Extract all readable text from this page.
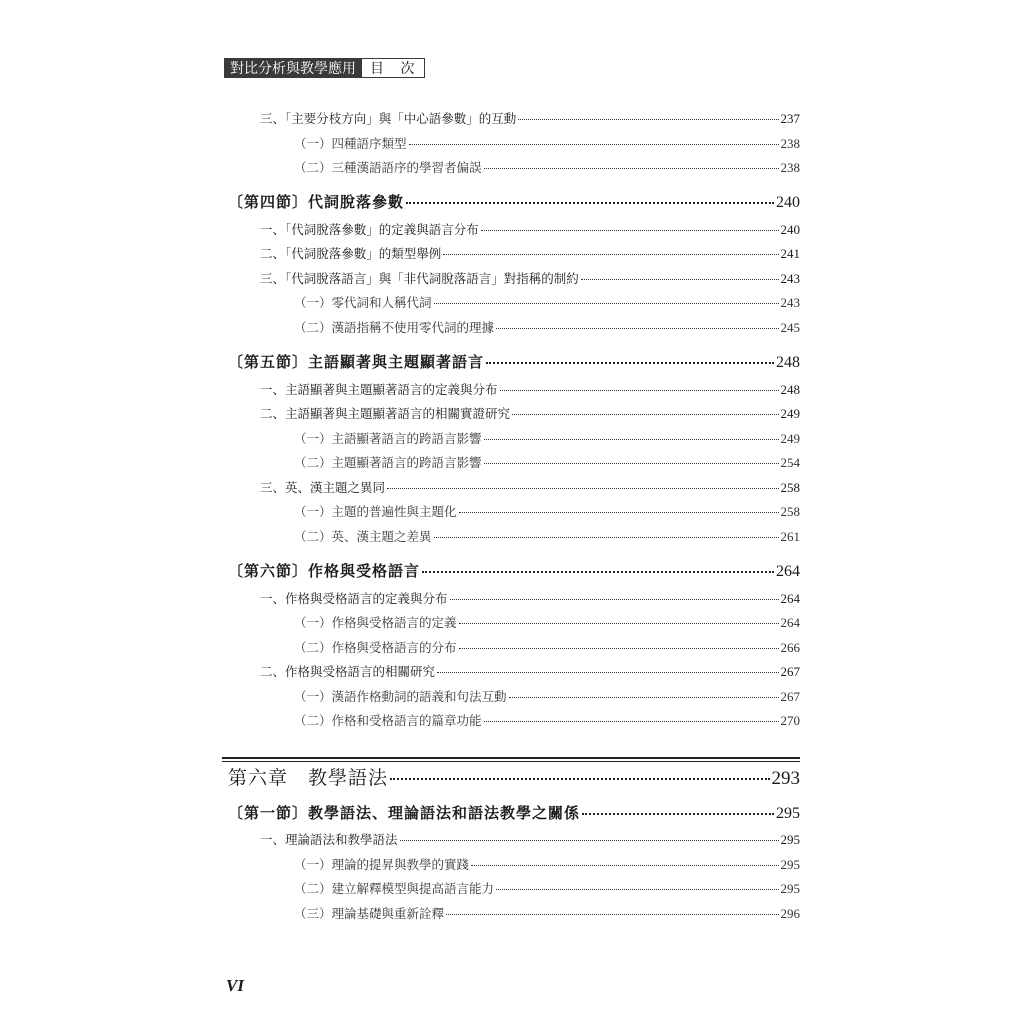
對比分析與教學應用	目 次
三、「主要分枝方向」與「中心語參數」的互動	237
（一）四種語序類型	238
（二）三種漢語語序的學習者偏誤	238
〔第四節〕代詞脫落參數	240
一、「代詞脫落參數」的定義與語言分布	240
二、「代詞脫落參數」的類型舉例	241
三、「代詞脫落語言」與「非代詞脫落語言」對指稱的制約	243
（一）零代詞和人稱代詞	243
（二）漢語指稱不使用零代詞的理據	245
〔第五節〕主語顯著與主題顯著語言	248
一、主語顯著與主題顯著語言的定義與分布	248
二、主語顯著與主題顯著語言的相關實證研究	249
（一）主語顯著語言的跨語言影響	249
（二）主題顯著語言的跨語言影響	254
三、英、漢主題之異同	258
（一）主題的普遍性與主題化	258
（二）英、漢主題之差異	261
〔第六節〕作格與受格語言	264
一、作格與受格語言的定義與分布	264
（一）作格與受格語言的定義	264
（二）作格與受格語言的分布	266
二、作格與受格語言的相關研究	267
（一）漢語作格動詞的語義和句法互動	267
（二）作格和受格語言的篇章功能	270
第六章　教學語法	293
〔第一節〕教學語法、理論語法和語法教學之關係	295
一、理論語法和教學語法	295
（一）理論的提昇與教學的實踐	295
（二）建立解釋模型與提高語言能力	295
（三）理論基礎與重新詮釋	296
VI
